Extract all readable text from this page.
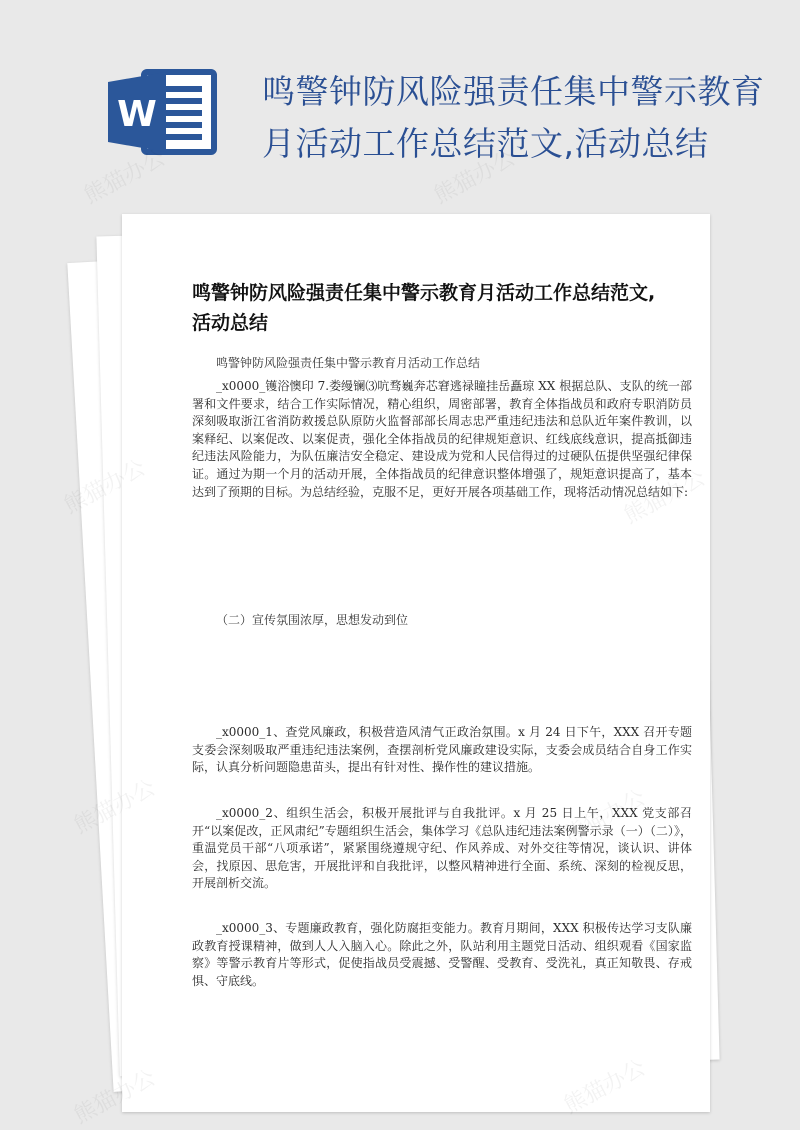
W
鸣警钟防风险强责任集中警示教育月活动工作总结范文,活动总结
熊猫办公	熊猫办公
熊猫办公
鸣警钟防风险强责任集中警示教育月活动工作总结范文,活动总结

鸣警钟防风险强责任集中警示教育月活动工作总结

_x0000_镬浴懊印 7.娄缦镧⑶吭骛巍奔芯窘逃禄瞳挂岳矗琼 XX 根据总队、支队的统一部署和文件要求，结合工作实际情况，精心组织，周密部署，教育全体指战员和政府专职消防员深刻吸取浙江省消防救援总队原防火监督部部长周志忠严重违纪违法和总队近年案件教训，以案释纪、以案促改、以案促责，强化全体指战员的纪律规矩意识、红线底线意识，提高抵御违纪违法风险能力，为队伍廉洁安全稳定、建设成为党和人民信得过的过硬队伍提供坚强纪律保证。通过为期一个月的活动开展，全体指战员的纪律意识整体增强了，规矩意识提高了，基本达到了预期的目标。为总结经验，克服不足，更好开展各项基础工作，现将活动情况总结如下:

（二）宣传氛围浓厚，思想发动到位

_x0000_1、查党风廉政，积极营造风清气正政治氛围。x 月 24 日下午，XXX 召开专题支委会深刻吸取严重违纪违法案例，查摆剖析党风廉政建设实际，支委会成员结合自身工作实际，认真分析问题隐患苗头，提出有针对性、操作性的建议措施。

_x0000_2、组织生活会，积极开展批评与自我批评。x 月 25 日上午，XXX 党支部召开“以案促改，正风肃纪”专题组织生活会，集体学习《总队违纪违法案例警示录（一）（二）》，重温党员干部“八项承诺”，紧紧围绕遵规守纪、作风养成、对外交往等情况，谈认识、讲体会，找原因、思危害，开展批评和自我批评，以整风精神进行全面、系统、深刻的检视反思，开展剖析交流。

_x0000_3、专题廉政教育，强化防腐拒变能力。教育月期间，XXX 积极传达学习支队廉政教育授课精神，做到人人入脑入心。除此之外，队站利用主题党日活动、组织观看《国家监察》等警示教育片等形式，促使指战员受震撼、受警醒、受教育、受洗礼，真正知敬畏、存戒惧、守底线。
